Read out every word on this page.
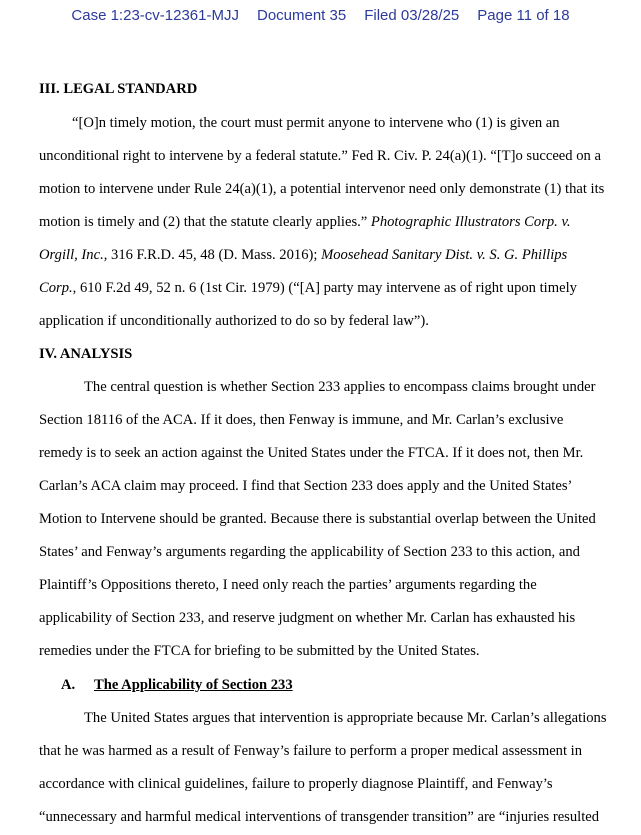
Case 1:23-cv-12361-MJJ Document 35 Filed 03/28/25 Page 11 of 18
III. LEGAL STANDARD
“[O]n timely motion, the court must permit anyone to intervene who (1) is given an
unconditional right to intervene by a federal statute.” Fed R. Civ. P. 24(a)(1). “[T]o succeed on a
motion to intervene under Rule 24(a)(1), a potential intervenor need only demonstrate (1) that its
motion is timely and (2) that the statute clearly applies.” Photographic Illustrators Corp. v.
Orgill, Inc., 316 F.R.D. 45, 48 (D. Mass. 2016); Moosehead Sanitary Dist. v. S. G. Phillips
Corp., 610 F.2d 49, 52 n. 6 (1st Cir. 1979) (“[A] party may intervene as of right upon timely
application if unconditionally authorized to do so by federal law”).
IV. ANALYSIS
The central question is whether Section 233 applies to encompass claims brought under
Section 18116 of the ACA. If it does, then Fenway is immune, and Mr. Carlan’s exclusive
remedy is to seek an action against the United States under the FTCA. If it does not, then Mr.
Carlan’s ACA claim may proceed. I find that Section 233 does apply and the United States’
Motion to Intervene should be granted. Because there is substantial overlap between the United
States’ and Fenway’s arguments regarding the applicability of Section 233 to this action, and
Plaintiff’s Oppositions thereto, I need only reach the parties’ arguments regarding the
applicability of Section 233, and reserve judgment on whether Mr. Carlan has exhausted his
remedies under the FTCA for briefing to be submitted by the United States.
A. The Applicability of Section 233
The United States argues that intervention is appropriate because Mr. Carlan’s allegations
that he was harmed as a result of Fenway’s failure to perform a proper medical assessment in
accordance with clinical guidelines, failure to properly diagnose Plaintiff, and Fenway’s
“unnecessary and harmful medical interventions of transgender transition” are “injuries resulted
